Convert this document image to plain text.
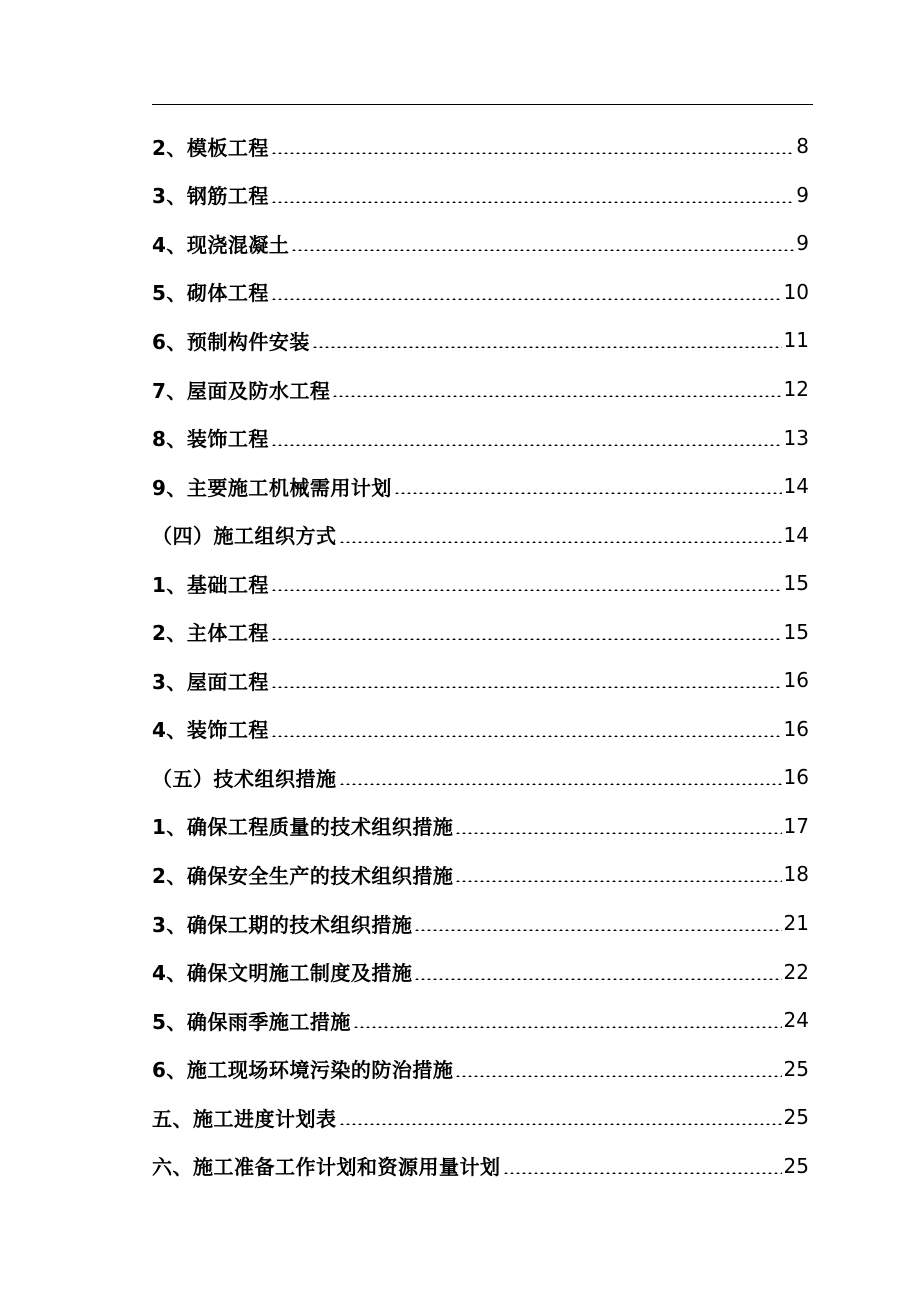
2、模板工程	8
3、钢筋工程	9
4、现浇混凝土	9
5、砌体工程	10
6、预制构件安装	11
7、屋面及防水工程	12
8、装饰工程	13
9、主要施工机械需用计划	14
（四）施工组织方式	14
1、基础工程	15
2、主体工程	15
3、屋面工程	16
4、装饰工程	16
（五）技术组织措施	16
1、确保工程质量的技术组织措施	17
2、确保安全生产的技术组织措施	18
3、确保工期的技术组织措施	21
4、确保文明施工制度及措施	22
5、确保雨季施工措施	24
6、施工现场环境污染的防治措施	25
五、施工进度计划表	25
六、施工准备工作计划和资源用量计划	25
